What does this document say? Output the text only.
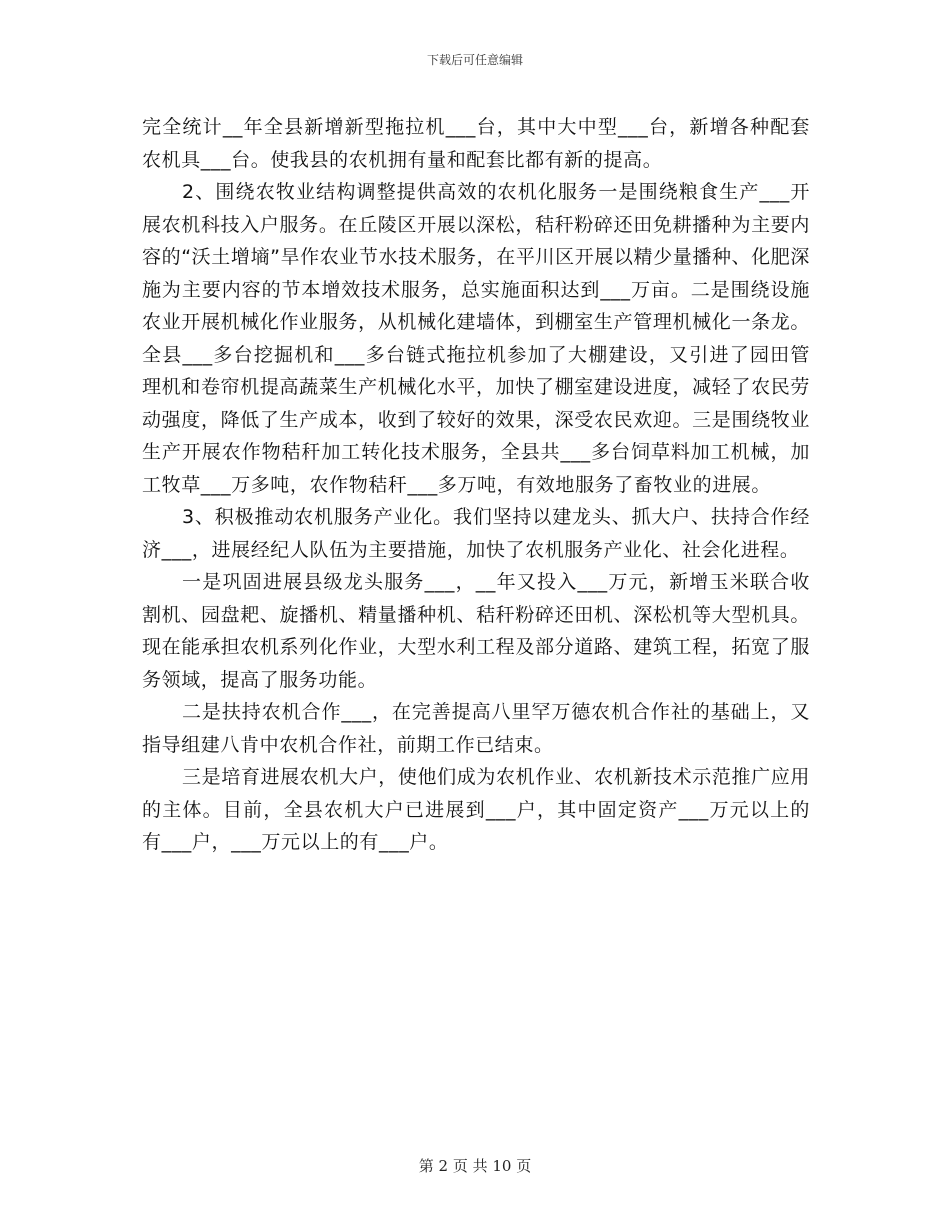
下载后可任意编辑

完全统计__年全县新增新型拖拉机___台，其中大中型___台，新增各种配套农机具___台。使我县的农机拥有量和配套比都有新的提高。

2、围绕农牧业结构调整提供高效的农机化服务一是围绕粮食生产___开展农机科技入户服务。在丘陵区开展以深松，秸秆粉碎还田免耕播种为主要内容的“沃土增墒”旱作农业节水技术服务，在平川区开展以精少量播种、化肥深施为主要内容的节本增效技术服务，总实施面积达到___万亩。二是围绕设施农业开展机械化作业服务，从机械化建墙体，到棚室生产管理机械化一条龙。全县___多台挖掘机和___多台链式拖拉机参加了大棚建设，又引进了园田管理机和卷帘机提高蔬菜生产机械化水平，加快了棚室建设进度，减轻了农民劳动强度，降低了生产成本，收到了较好的效果，深受农民欢迎。三是围绕牧业生产开展农作物秸秆加工转化技术服务，全县共___多台饲草料加工机械，加工牧草___万多吨，农作物秸秆___多万吨，有效地服务了畜牧业的进展。

3、积极推动农机服务产业化。我们坚持以建龙头、抓大户、扶持合作经济___，进展经纪人队伍为主要措施，加快了农机服务产业化、社会化进程。

一是巩固进展县级龙头服务___，__年又投入___万元，新增玉米联合收割机、园盘耙、旋播机、精量播种机、秸秆粉碎还田机、深松机等大型机具。现在能承担农机系列化作业，大型水利工程及部分道路、建筑工程，拓宽了服务领域，提高了服务功能。

二是扶持农机合作___，在完善提高八里罕万德农机合作社的基础上，又指导组建八肯中农机合作社，前期工作已结束。

三是培育进展农机大户，使他们成为农机作业、农机新技术示范推广应用的主体。目前，全县农机大户已进展到___户，其中固定资产___万元以上的有___户，___万元以上的有___户。

第 2 页 共 10 页
